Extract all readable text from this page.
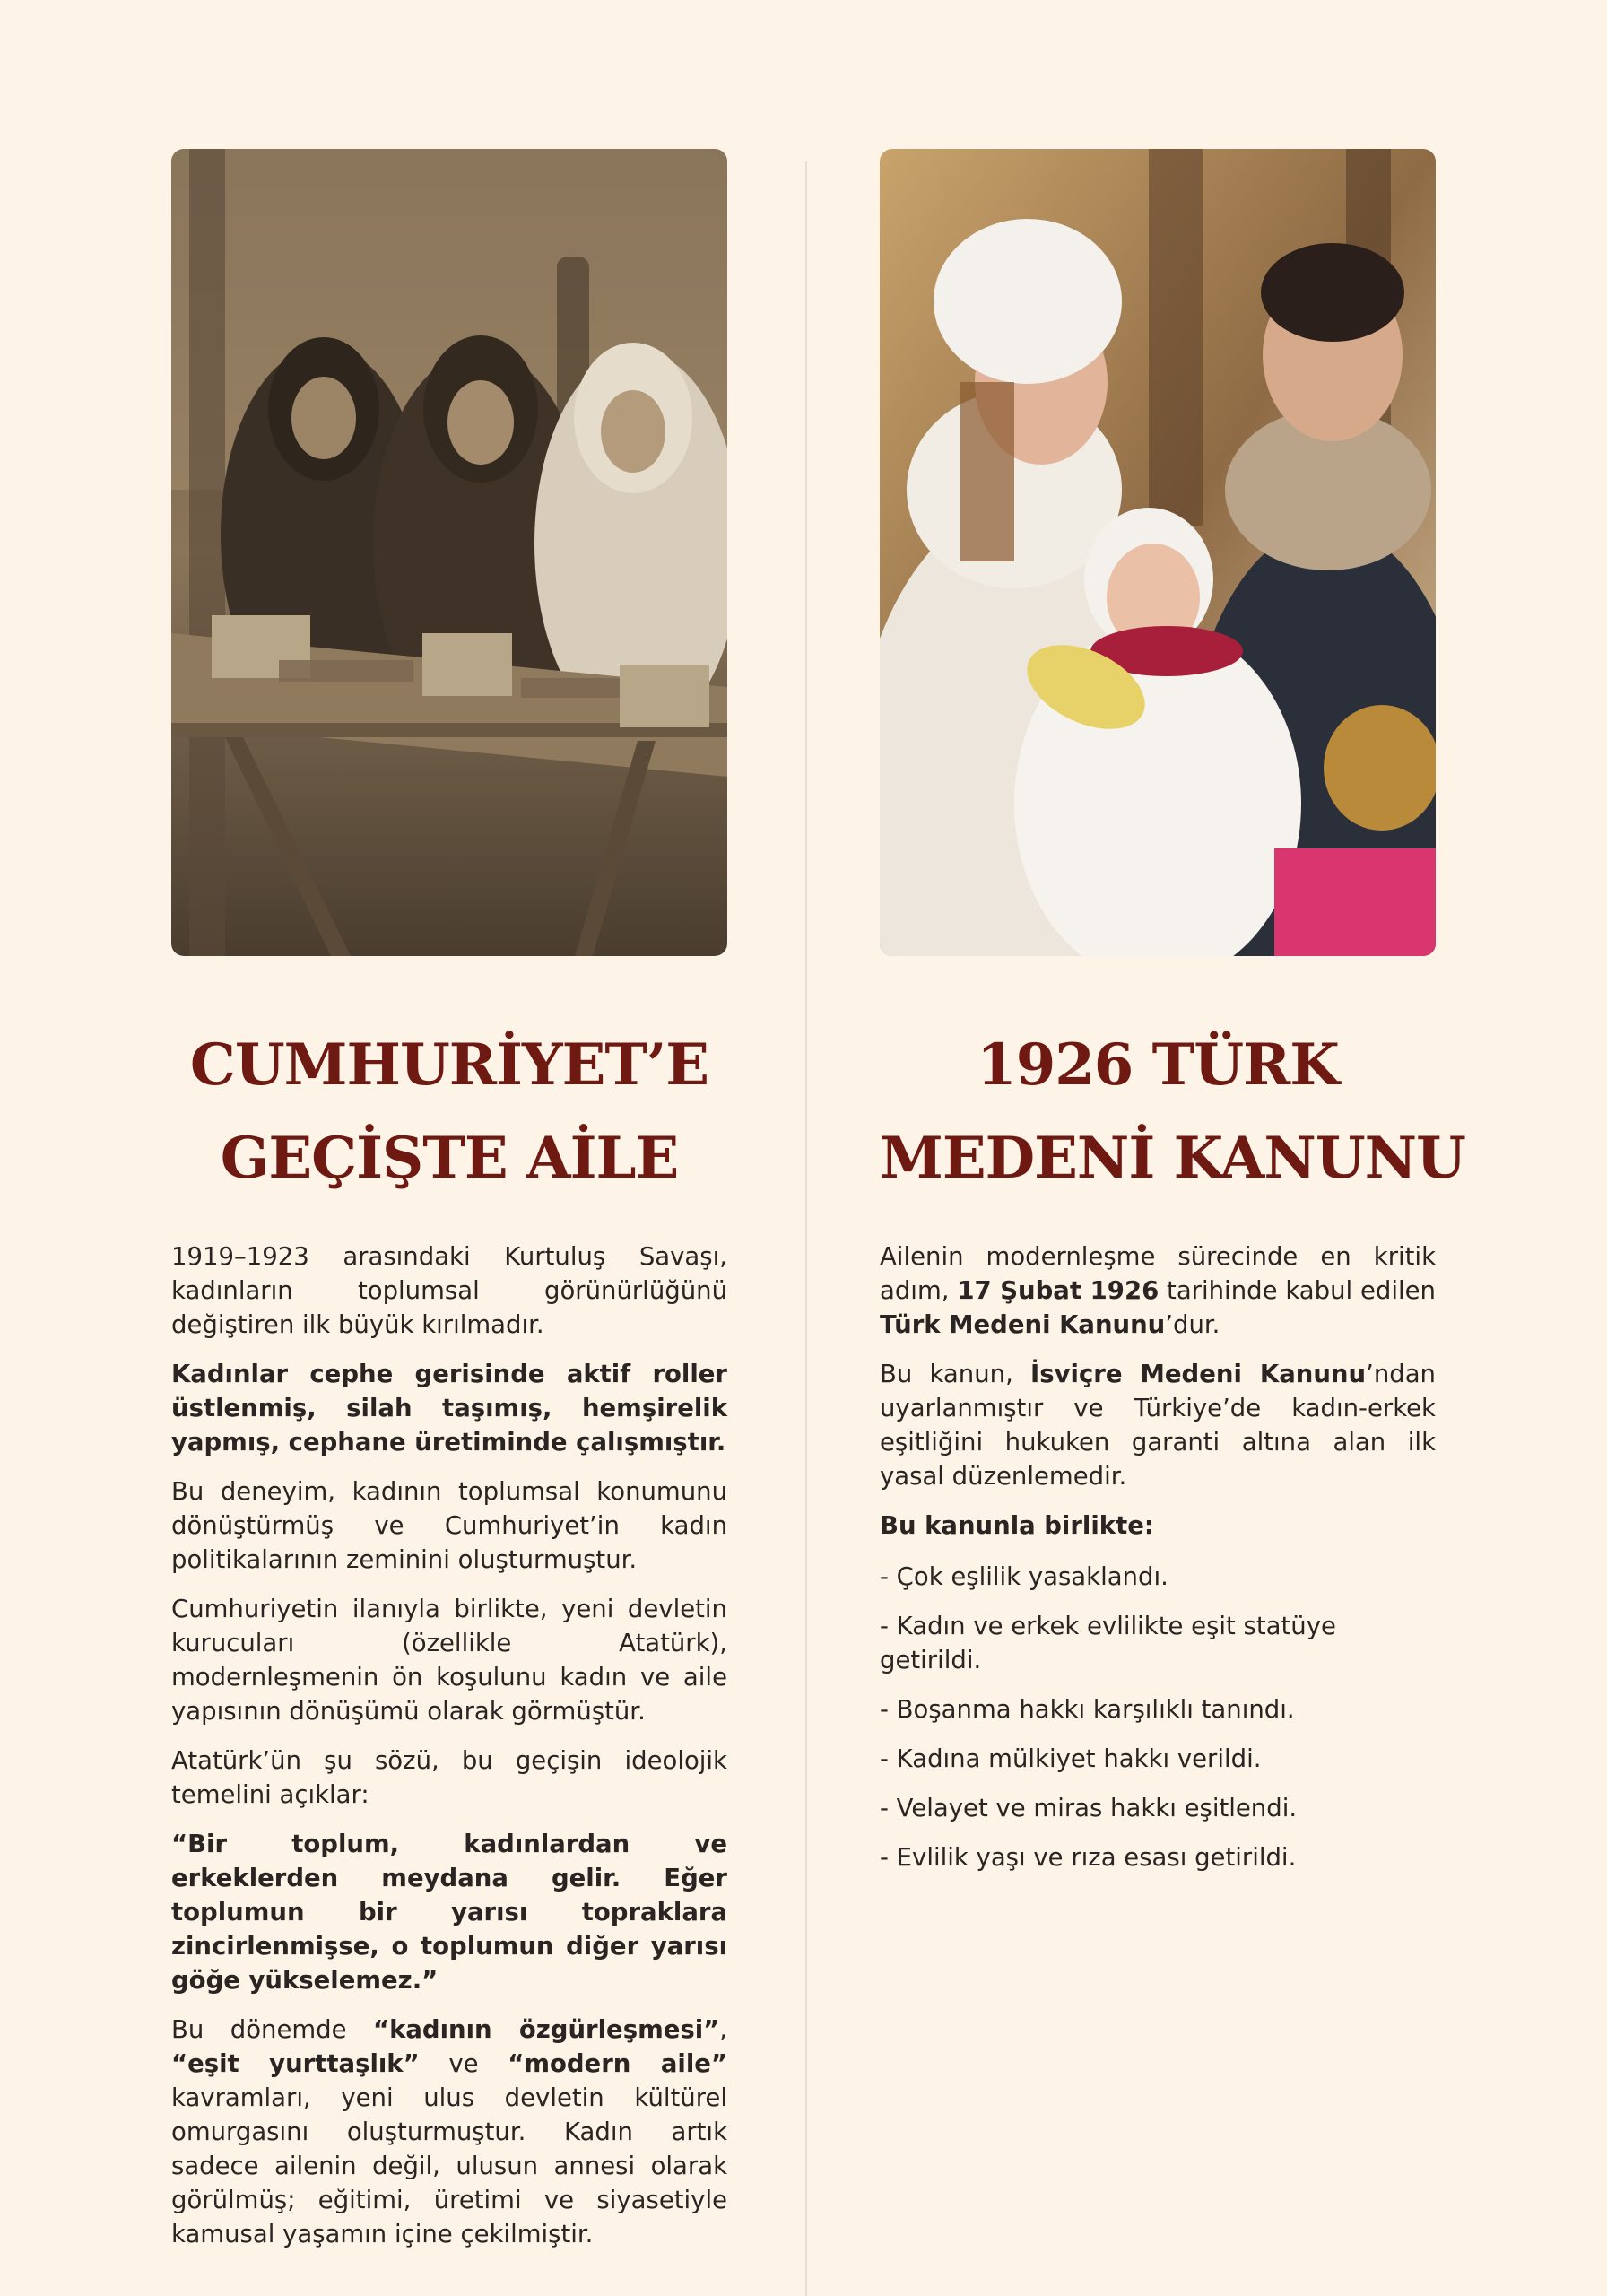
CUMHURİYET’E
GEÇİŞTE AİLE

1919–1923 arasındaki Kurtuluş Savaşı, kadınların toplumsal görünürlüğünü değiştiren ilk büyük kırılmadır.

Kadınlar cephe gerisinde aktif roller üstlenmiş, silah taşımış, hemşirelik yapmış, cephane üretiminde çalışmıştır.

Bu deneyim, kadının toplumsal konumunu dönüştürmüş ve Cumhuriyet’in kadın politikalarının zeminini oluşturmuştur.

Cumhuriyetin ilanıyla birlikte, yeni devletin kurucuları (özellikle Atatürk), modernleşmenin ön koşulunu kadın ve aile yapısının dönüşümü olarak görmüştür.

Atatürk’ün şu sözü, bu geçişin ideolojik temelini açıklar:

“Bir toplum, kadınlardan ve erkeklerden meydana gelir. Eğer toplumun bir yarısı topraklara zincirlenmişse, o toplumun diğer yarısı göğe yükselemez.”

Bu dönemde “kadının özgürleşmesi”, “eşit yurttaşlık” ve “modern aile” kavramları, yeni ulus devletin kültürel omurgasını oluşturmuştur. Kadın artık sadece ailenin değil, ulusun annesi olarak görülmüş; eğitimi, üretimi ve siyasetiyle kamusal yaşamın içine çekilmiştir.

1926 TÜRK
MEDENİ KANUNU

Ailenin modernleşme sürecinde en kritik adım, 17 Şubat 1926 tarihinde kabul edilen Türk Medeni Kanunu’dur.

Bu kanun, İsviçre Medeni Kanunu’ndan uyarlanmıştır ve Türkiye’de kadın-erkek eşitliğini hukuken garanti altına alan ilk yasal düzenlemedir.

Bu kanunla birlikte:
- Çok eşlilik yasaklandı.
- Kadın ve erkek evlilikte eşit statüye getirildi.
- Boşanma hakkı karşılıklı tanındı.
- Kadına mülkiyet hakkı verildi.
- Velayet ve miras hakkı eşitlendi.
- Evlilik yaşı ve rıza esası getirildi.
